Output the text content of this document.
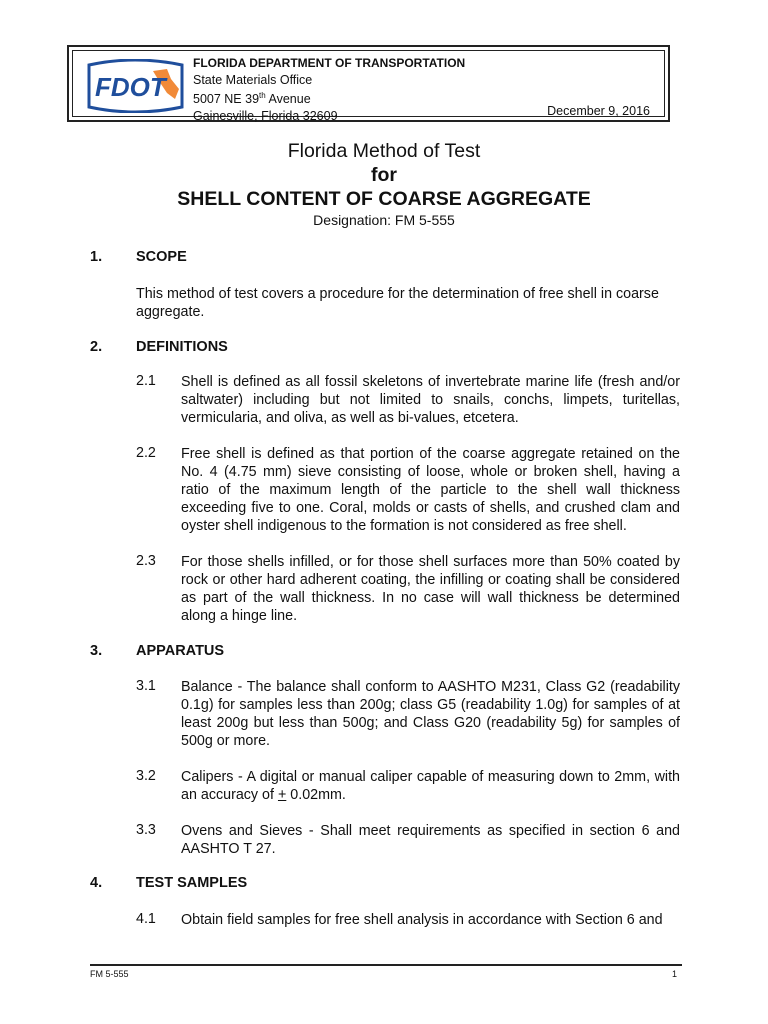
FDOT
FLORIDA DEPARTMENT OF TRANSPORTATION
State Materials Office
5007 NE 39th Avenue
Gainesville, Florida 32609	December 9, 2016
Florida Method of Test
for
SHELL CONTENT OF COARSE AGGREGATE
Designation: FM 5-555
1. SCOPE
This method of test covers a procedure for the determination of free shell in coarse aggregate.
2. DEFINITIONS
2.1 Shell is defined as all fossil skeletons of invertebrate marine life (fresh and/or saltwater) including but not limited to snails, conchs, limpets, turitellas, vermicularia, and oliva, as well as bi-values, etcetera.
2.2 Free shell is defined as that portion of the coarse aggregate retained on the No. 4 (4.75 mm) sieve consisting of loose, whole or broken shell, having a ratio of the maximum length of the particle to the shell wall thickness exceeding five to one. Coral, molds or casts of shells, and crushed clam and oyster shell indigenous to the formation is not considered as free shell.
2.3 For those shells infilled, or for those shell surfaces more than 50% coated by rock or other hard adherent coating, the infilling or coating shall be considered as part of the wall thickness. In no case will wall thickness be determined along a hinge line.
3. APPARATUS
3.1 Balance - The balance shall conform to AASHTO M231, Class G2 (readability 0.1g) for samples less than 200g; class G5 (readability 1.0g) for samples of at least 200g but less than 500g; and Class G20 (readability 5g) for samples of 500g or more.
3.2 Calipers - A digital or manual caliper capable of measuring down to 2mm, with an accuracy of + 0.02mm.
3.3 Ovens and Sieves - Shall meet requirements as specified in section 6 and AASHTO T 27.
4. TEST SAMPLES
4.1 Obtain field samples for free shell analysis in accordance with Section 6 and
FM 5-555	1
